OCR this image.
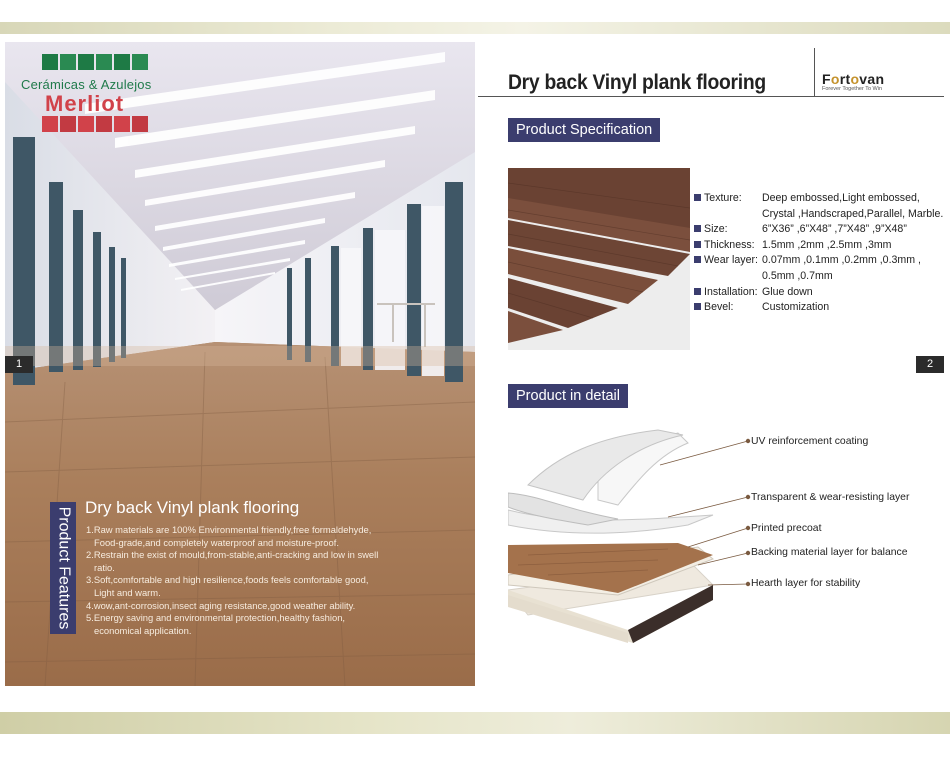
Cerámicas & Azulejos
Merliot
Product Features Dry back Vinyl plank flooring
1.Raw materials are 100% Environmental friendly,free formaldehyde, Food-grade,and completely waterproof and moisture-proof.
2.Restrain the exist of mould,from-stable,anti-cracking and low in swell ratio.
3.Soft,comfortable and high resilience,foods feels comfortable good, Light and warm.
4.wow,ant-corrosion,insect aging resistance,good weather ability.
5.Energy saving and environmental protection,healthy fashion, economical application.
1
Dry back Vinyl plank flooring	Fortovan
Forever Together To Win
Product Specification
Texture:	Deep embossed,Light embossed, Crystal ,Handscraped,Parallel, Marble.
Size:	6”X36” ,6”X48” ,7”X48” ,9”X48”
Thickness: 1.5mm ,2mm ,2.5mm ,3mm
Wear layer: 0.07mm ,0.1mm ,0.2mm ,0.3mm , 0.5mm ,0.7mm
Installation: Glue down
Bevel:	Customization
2
Product in detail
UV reinforcement coating
Transparent & wear-resisting layer
Printed precoat
Backing material layer for balance
Hearth layer for stability
